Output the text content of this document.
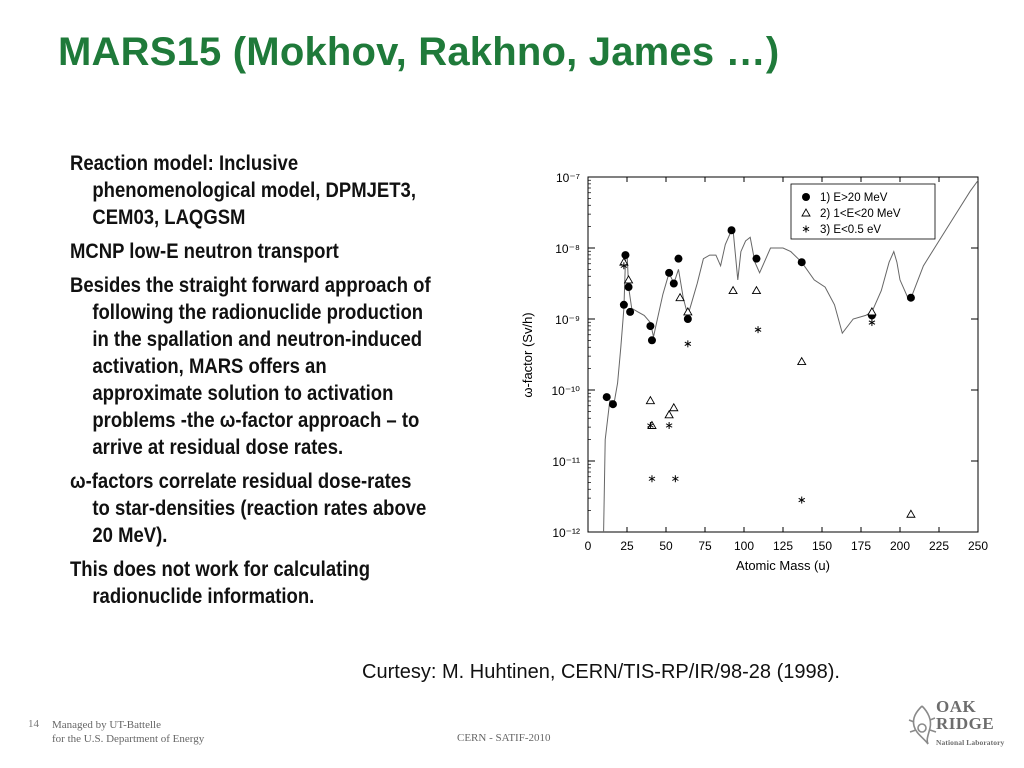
MARS15 (Mokhov, Rakhno, James …)
Reaction model: Inclusive phenomenological model, DPMJET3, CEM03, LAQGSM
MCNP low-E neutron transport
Besides the straight forward approach of following the radionuclide production in the spallation and neutron-induced activation, MARS offers an approximate solution to activation problems -the ω-factor approach – to arrive at residual dose rates.
ω-factors correlate residual dose-rates to star-densities (reaction rates above 20 MeV).
This does not work for calculating radionuclide information.
0 25 50 75 100 125 150 175 200 225 250
10⁻⁷
10⁻⁸
10⁻⁹
10⁻¹⁰
10⁻¹¹
10⁻¹²
Atomic Mass (u)
ω-factor (Sv/h)
1) E>20 MeV
2) 1<E<20 MeV
3) E<0.5 eV
Curtesy: M. Huhtinen, CERN/TIS-RP/IR/98-28 (1998).
14 Managed by UT-Battelle
for the U.S. Department of Energy	CERN - SATIF-2010
OAK
RIDGE
National Laboratory
